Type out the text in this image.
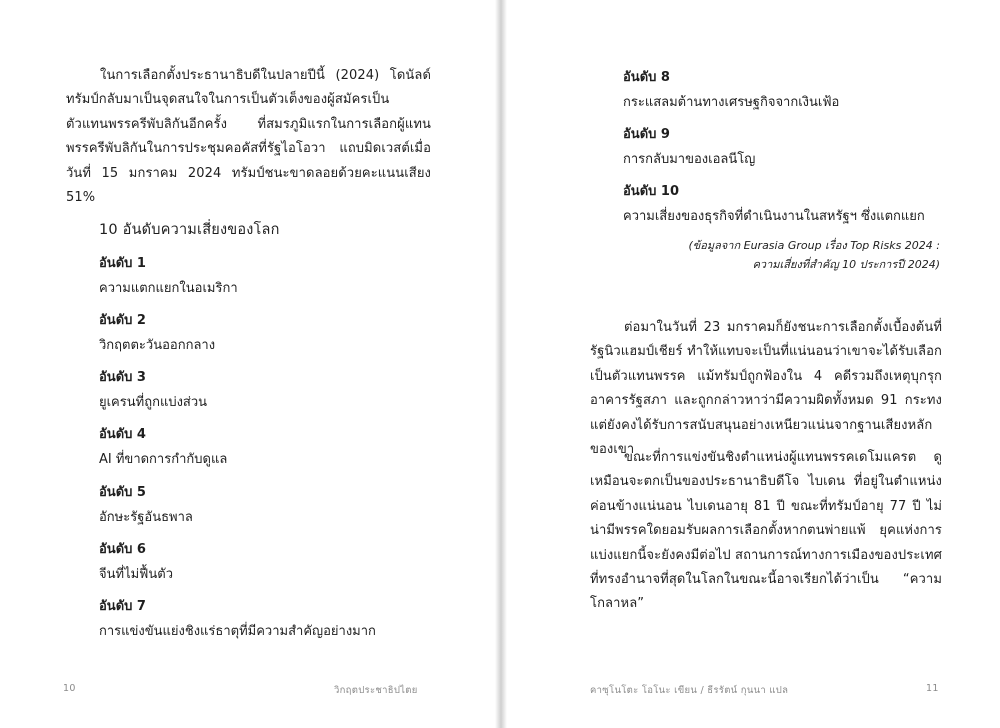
ในการเลือกตั้งประธานาธิบดีในปลายปีนี้ (2024) โดนัลด์ ทรัมป์กลับมาเป็นจุดสนใจในการเป็นตัวเต็งของผู้สมัครเป็นตัวแทนพรรครีพับลิกันอีกครั้ง ที่สมรภูมิแรกในการเลือกผู้แทนพรรครีพับลิกันในการประชุมคอคัสที่รัฐไอโอวา แถบมิดเวสต์เมื่อวันที่ 15 มกราคม 2024 ทรัมป์ชนะขาดลอยด้วยคะแนนเสียง 51%

10 อันดับความเสี่ยงของโลก
อันดับ 1
ความแตกแยกในอเมริกา
อันดับ 2
วิกฤตตะวันออกกลาง
อันดับ 3
ยูเครนที่ถูกแบ่งส่วน
อันดับ 4
AI ที่ขาดการกำกับดูแล
อันดับ 5
อักษะรัฐอันธพาล
อันดับ 6
จีนที่ไม่ฟื้นตัว
อันดับ 7
การแข่งขันแย่งชิงแร่ธาตุที่มีความสำคัญอย่างมาก
10	วิกฤตประชาธิปไตย
อันดับ 8
กระแสลมต้านทางเศรษฐกิจจากเงินเฟ้อ
อันดับ 9
การกลับมาของเอลนีโญ
อันดับ 10
ความเสี่ยงของธุรกิจที่ดำเนินงานในสหรัฐฯ ซึ่งแตกแยก

(ข้อมูลจาก Eurasia Group เรื่อง Top Risks 2024 :
ความเสี่ยงที่สำคัญ 10 ประการปี 2024)

ต่อมาในวันที่ 23 มกราคมก็ยังชนะการเลือกตั้งเบื้องต้นที่รัฐนิวแฮมป์เชียร์ ทำให้แทบจะเป็นที่แน่นอนว่าเขาจะได้รับเลือกเป็นตัวแทนพรรค แม้ทรัมป์ถูกฟ้องใน 4 คดีรวมถึงเหตุบุกรุกอาคารรัฐสภา และถูกกล่าวหาว่ามีความผิดทั้งหมด 91 กระทง แต่ยังคงได้รับการสนับสนุนอย่างเหนียวแน่นจากฐานเสียงหลักของเขา

ขณะที่การแข่งขันชิงตำแหน่งผู้แทนพรรคเดโมแครต ดูเหมือนจะตกเป็นของประธานาธิบดีโจ ไบเดน ที่อยู่ในตำแหน่งค่อนข้างแน่นอน ไบเดนอายุ 81 ปี ขณะที่ทรัมป์อายุ 77 ปี ไม่น่ามีพรรคใดยอมรับผลการเลือกตั้งหากตนพ่ายแพ้ ยุคแห่งการแบ่งแยกนี้จะยังคงมีต่อไป สถานการณ์ทางการเมืองของประเทศที่ทรงอำนาจที่สุดในโลกในขณะนี้อาจเรียกได้ว่าเป็น “ความโกลาหล”

คาซุโนโตะ โอโนะ เขียน / ธีรรัตน์ กุนนา แปล	11
